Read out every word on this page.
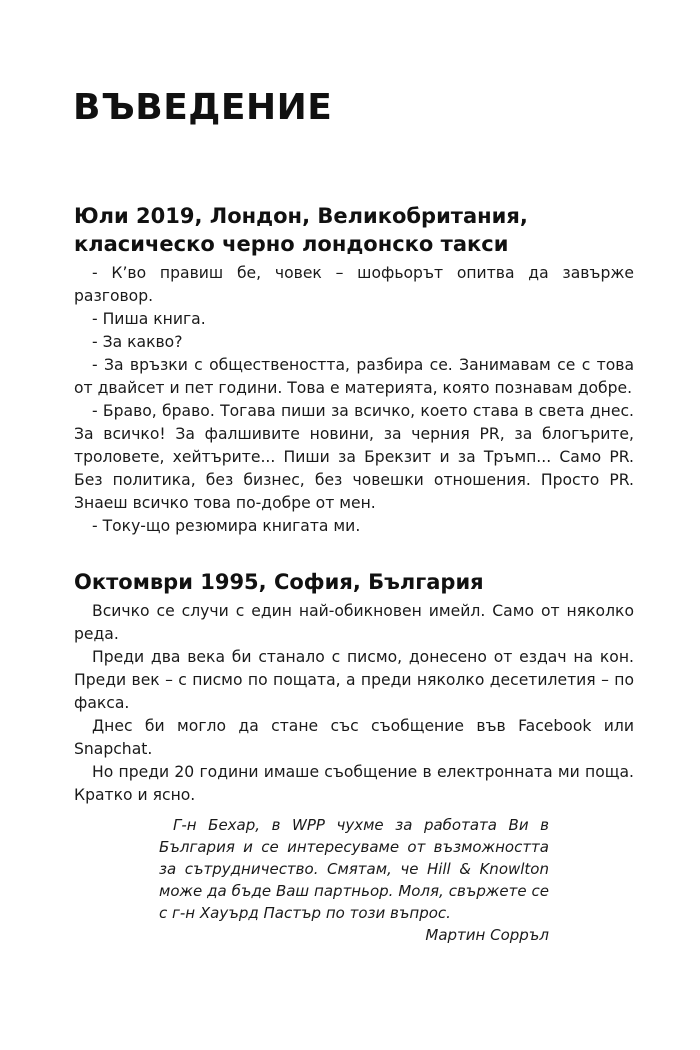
ВЪВЕДЕНИЕ
Юли 2019, Лондон, Великобритания,
класическо черно лондонско такси

- К’во правиш бе, човек – шофьорът опитва да завърже разговор.

- Пиша книга.

- За какво?

- За връзки с обществеността, разбира се. Занимавам се с това от двайсет и пет години. Това е материята, която познавам добре.

- Браво, браво. Тогава пиши за всичко, което става в света днес. За всичко! За фалшивите новини, за черния PR, за блогърите, троловете, хейтърите... Пиши за Брекзит и за Тръмп... Само PR. Без политика, без бизнес, без човешки отношения. Просто PR. Знаеш всичко това по-добре от мен.

- Току-що резюмира книгата ми.

Октомври 1995, София, България

Всичко се случи с един най-обикновен имейл. Само от няколко реда.

Преди два века би станало с писмо, донесено от ездач на кон. Преди век – с писмо по пощата, а преди няколко десетилетия – по факса.

Днес би могло да стане със съобщение във Facebook или Snapchat.

Но преди 20 години имаше съобщение в електронната ми поща. Кратко и ясно.

Г-н Бехар, в WPP чухме за работата Ви в България и се интересуваме от възможността за сътрудничество. Смятам, че Hill & Knowlton може да бъде Ваш партньор. Моля, свържете се с г-н Хауърд Пастър по този въпрос.

Мартин Сорръл
